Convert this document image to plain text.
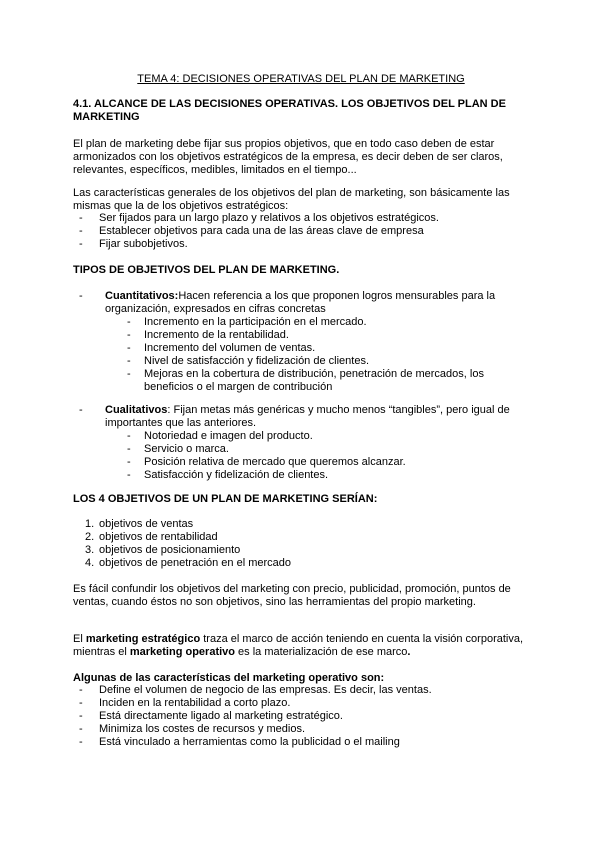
TEMA 4: DECISIONES OPERATIVAS DEL PLAN DE MARKETING
4.1. ALCANCE DE LAS DECISIONES OPERATIVAS. LOS OBJETIVOS DEL PLAN DE MARKETING
El plan de marketing debe fijar sus propios objetivos, que en todo caso deben de estar armonizados con los objetivos estratégicos de la empresa, es decir deben de ser claros, relevantes, específicos, medibles, limitados en el tiempo...
Las características generales de los objetivos del plan de marketing, son básicamente las mismas que la de los objetivos estratégicos:
- Ser fijados para un largo plazo y relativos a los objetivos estratégicos.
- Establecer objetivos para cada una de las áreas clave de empresa
- Fijar subobjetivos.
TIPOS DE OBJETIVOS DEL PLAN DE MARKETING.
-	Cuantitativos:Hacen referencia a los que proponen logros mensurables para la organización, expresados en cifras concretas
- Incremento en la participación en el mercado.
- Incremento de la rentabilidad.
- Incremento del volumen de ventas.
- Nivel de satisfacción y fidelización de clientes.
- Mejoras en la cobertura de distribución, penetración de mercados, los beneficios o el margen de contribución
-	Cualitativos: Fijan metas más genéricas y mucho menos “tangibles”, pero igual de importantes que las anteriores.
- Notoriedad e imagen del producto.
- Servicio o marca.
- Posición relativa de mercado que queremos alcanzar.
- Satisfacción y fidelización de clientes.
LOS 4 OBJETIVOS DE UN PLAN DE MARKETING SERÍAN:
1. objetivos de ventas
2. objetivos de rentabilidad
3. objetivos de posicionamiento
4. objetivos de penetración en el mercado
Es fácil confundir los objetivos del marketing con precio, publicidad, promoción, puntos de ventas, cuando éstos no son objetivos, sino las herramientas del propio marketing.
El marketing estratégico traza el marco de acción teniendo en cuenta la visión corporativa, mientras el marketing operativo es la materialización de ese marco.
Algunas de las características del marketing operativo son:
- Define el volumen de negocio de las empresas. Es decir, las ventas.
- Inciden en la rentabilidad a corto plazo.
- Está directamente ligado al marketing estratégico.
- Minimiza los costes de recursos y medios.
- Está vinculado a herramientas como la publicidad o el mailing
